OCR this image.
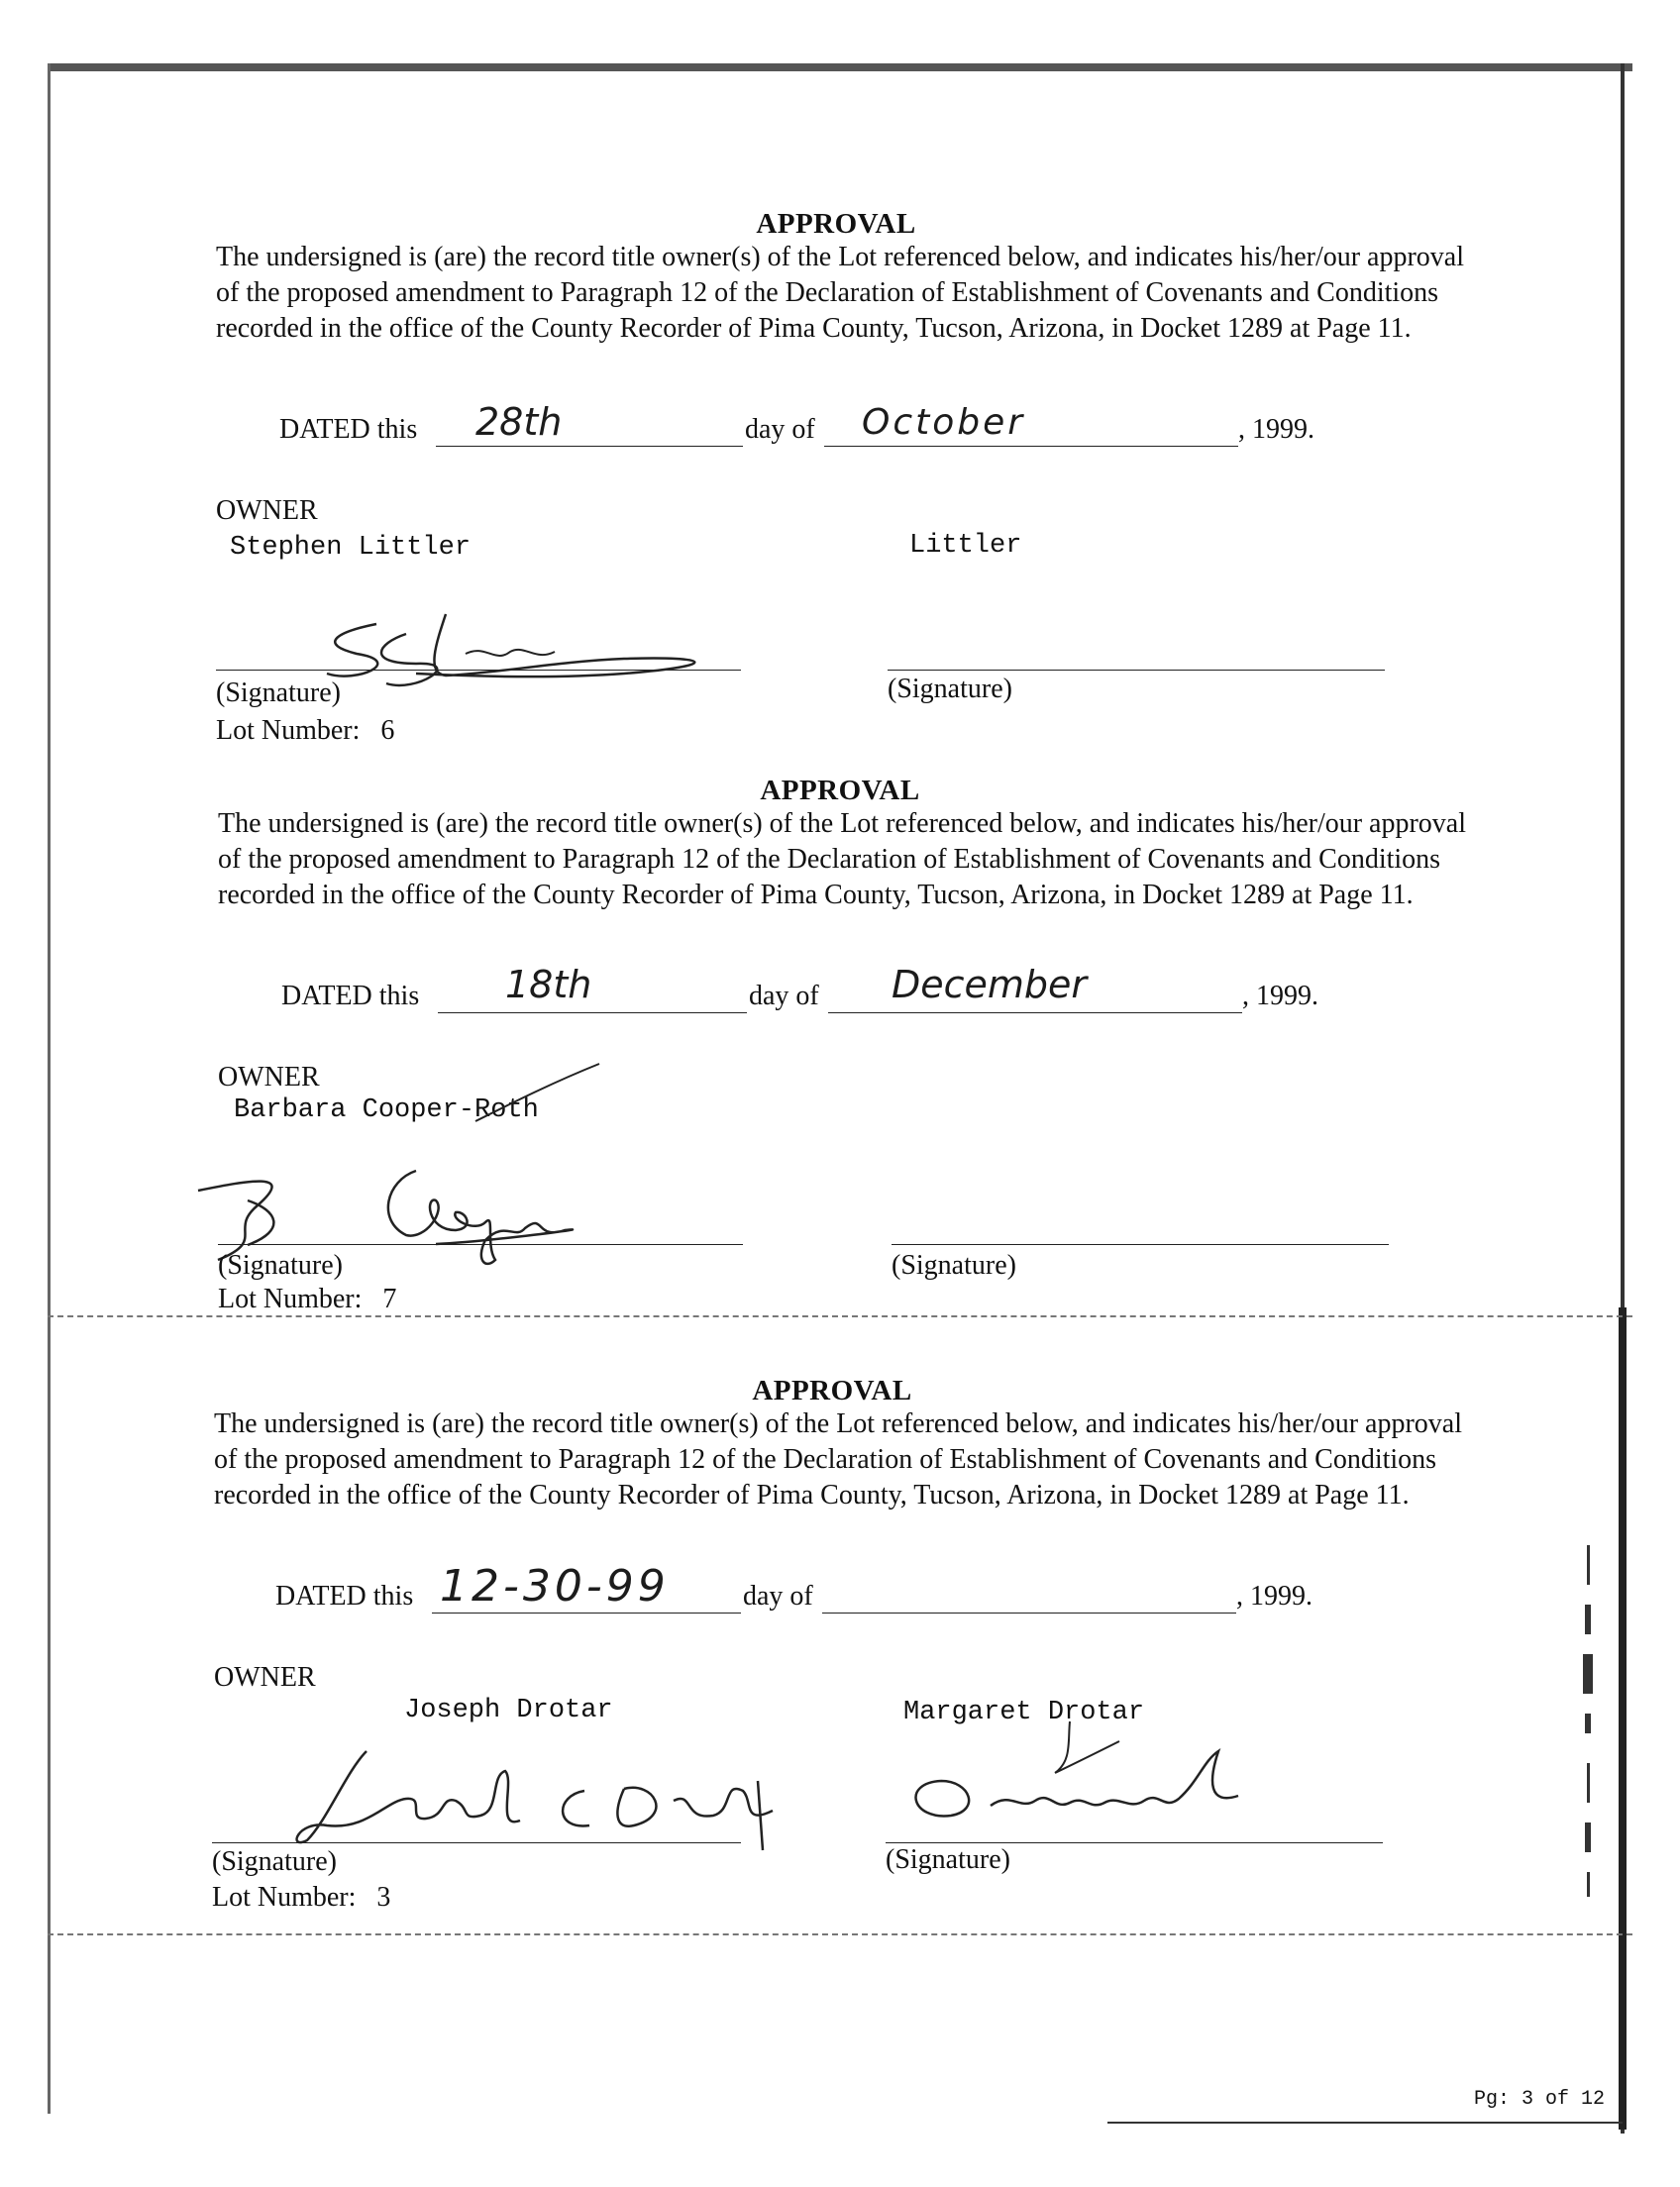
APPROVAL
The undersigned is (are) the record title owner(s) of the Lot referenced below, and indicates his/her/our approval of the proposed amendment to Paragraph 12 of the Declaration of Establishment of Covenants and Conditions recorded in the office of the County Recorder of Pima County, Tucson, Arizona, in Docket 1289 at Page 11.
DATED this 28th	day of October	, 1999.
OWNER
Stephen Littler	Littler
(Signature)	(Signature)
Lot Number: 6
APPROVAL
The undersigned is (are) the record title owner(s) of the Lot referenced below, and indicates his/her/our approval of the proposed amendment to Paragraph 12 of the Declaration of Establishment of Covenants and Conditions recorded in the office of the County Recorder of Pima County, Tucson, Arizona, in Docket 1289 at Page 11.
DATED this 18th	day of December	, 1999.
OWNER
Barbara Cooper-Roth
(Signature)	(Signature)
Lot Number: 7
APPROVAL
The undersigned is (are) the record title owner(s) of the Lot referenced below, and indicates his/her/our approval of the proposed amendment to Paragraph 12 of the Declaration of Establishment of Covenants and Conditions recorded in the office of the County Recorder of Pima County, Tucson, Arizona, in Docket 1289 at Page 11.
DATED this 12-30-99	day of	, 1999.
OWNER
Joseph Drotar	Margaret Drotar
(Signature)	(Signature)
Lot Number: 3
Pg: 3 of 12
